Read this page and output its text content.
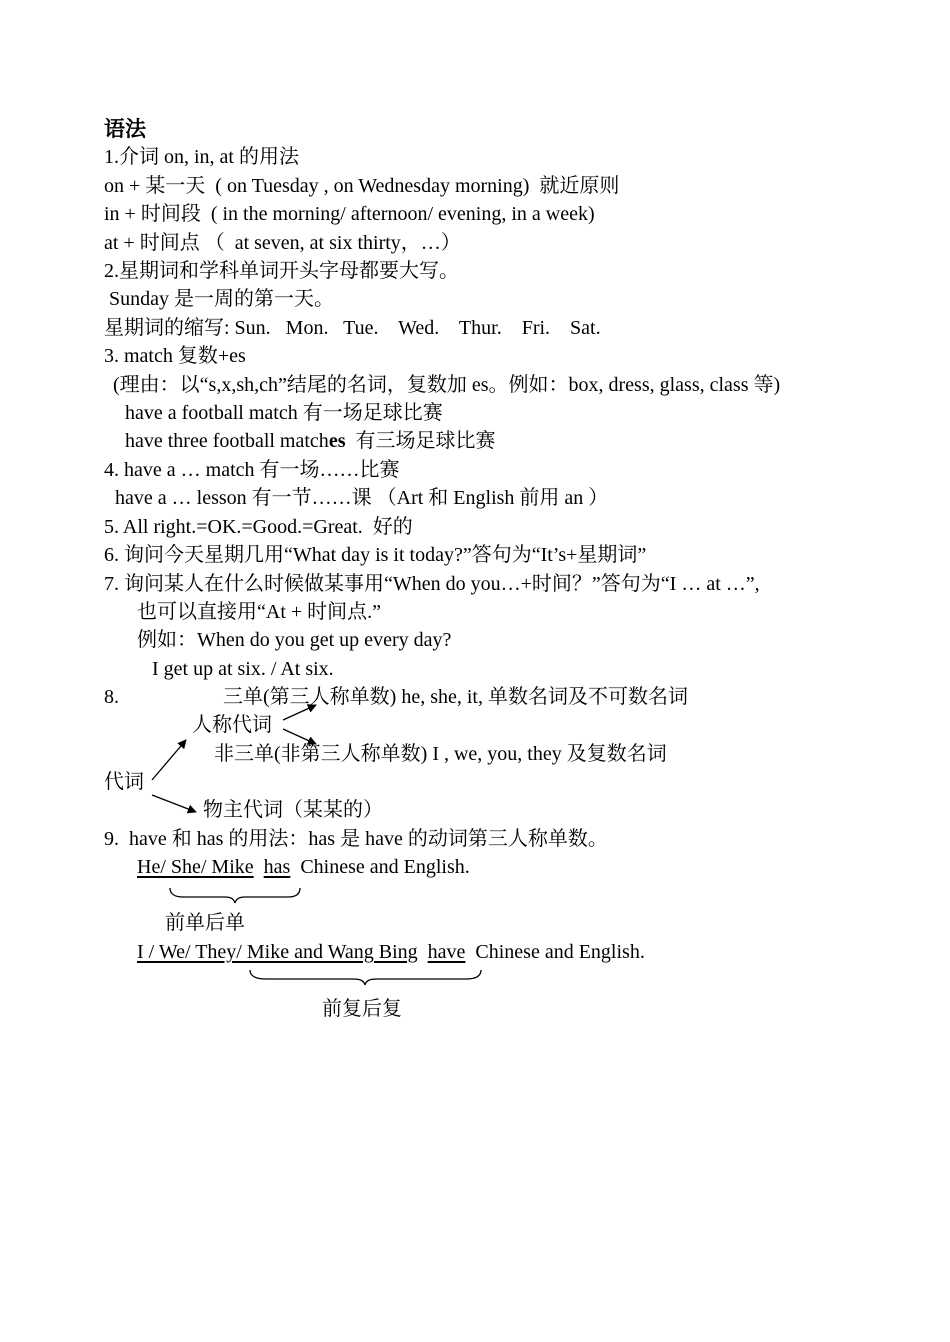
语法
1.介词 on, in, at 的用法
on + 某一天  ( on Tuesday , on Wednesday morning)  就近原则
in + 时间段  ( in the morning/ afternoon/ evening, in a week)
at + 时间点 （  at seven, at six thirty，…）
2.星期词和学科单词开头字母都要大写。
Sunday 是一周的第一天。
星期词的缩写: Sun.   Mon.   Tue.    Wed.    Thur.    Fri.    Sat.
3. match 复数+es
(理由：以“s,x,sh,ch”结尾的名词，复数加 es。例如：box, dress, glass, class 等)
have a football match 有一场足球比赛
have three football matches  有三场足球比赛
4. have a … match 有一场……比赛
have a … lesson 有一节……课 （Art 和 English 前用 an ）
5. All right.=OK.=Good.=Great.  好的
6. 询问今天星期几用“What day is it today?”答句为“It’s+星期词”
7. 询问某人在什么时候做某事用“When do you…+时间？”答句为“I … at …”,
也可以直接用“At + 时间点.”
例如：When do you get up every day?
I get up at six. / At six.
8.	三单(第三人称单数) he, she, it, 单数名词及不可数名词
人称代词
非三单(非第三人称单数) I , we, you, they 及复数名词
代词
物主代词（某某的）
9.  have 和 has 的用法：has 是 have 的动词第三人称单数。
He/ She/ Mike has Chinese and English.
前单后单
I / We/ They/ Mike and Wang Bing have Chinese and English.
前复后复
